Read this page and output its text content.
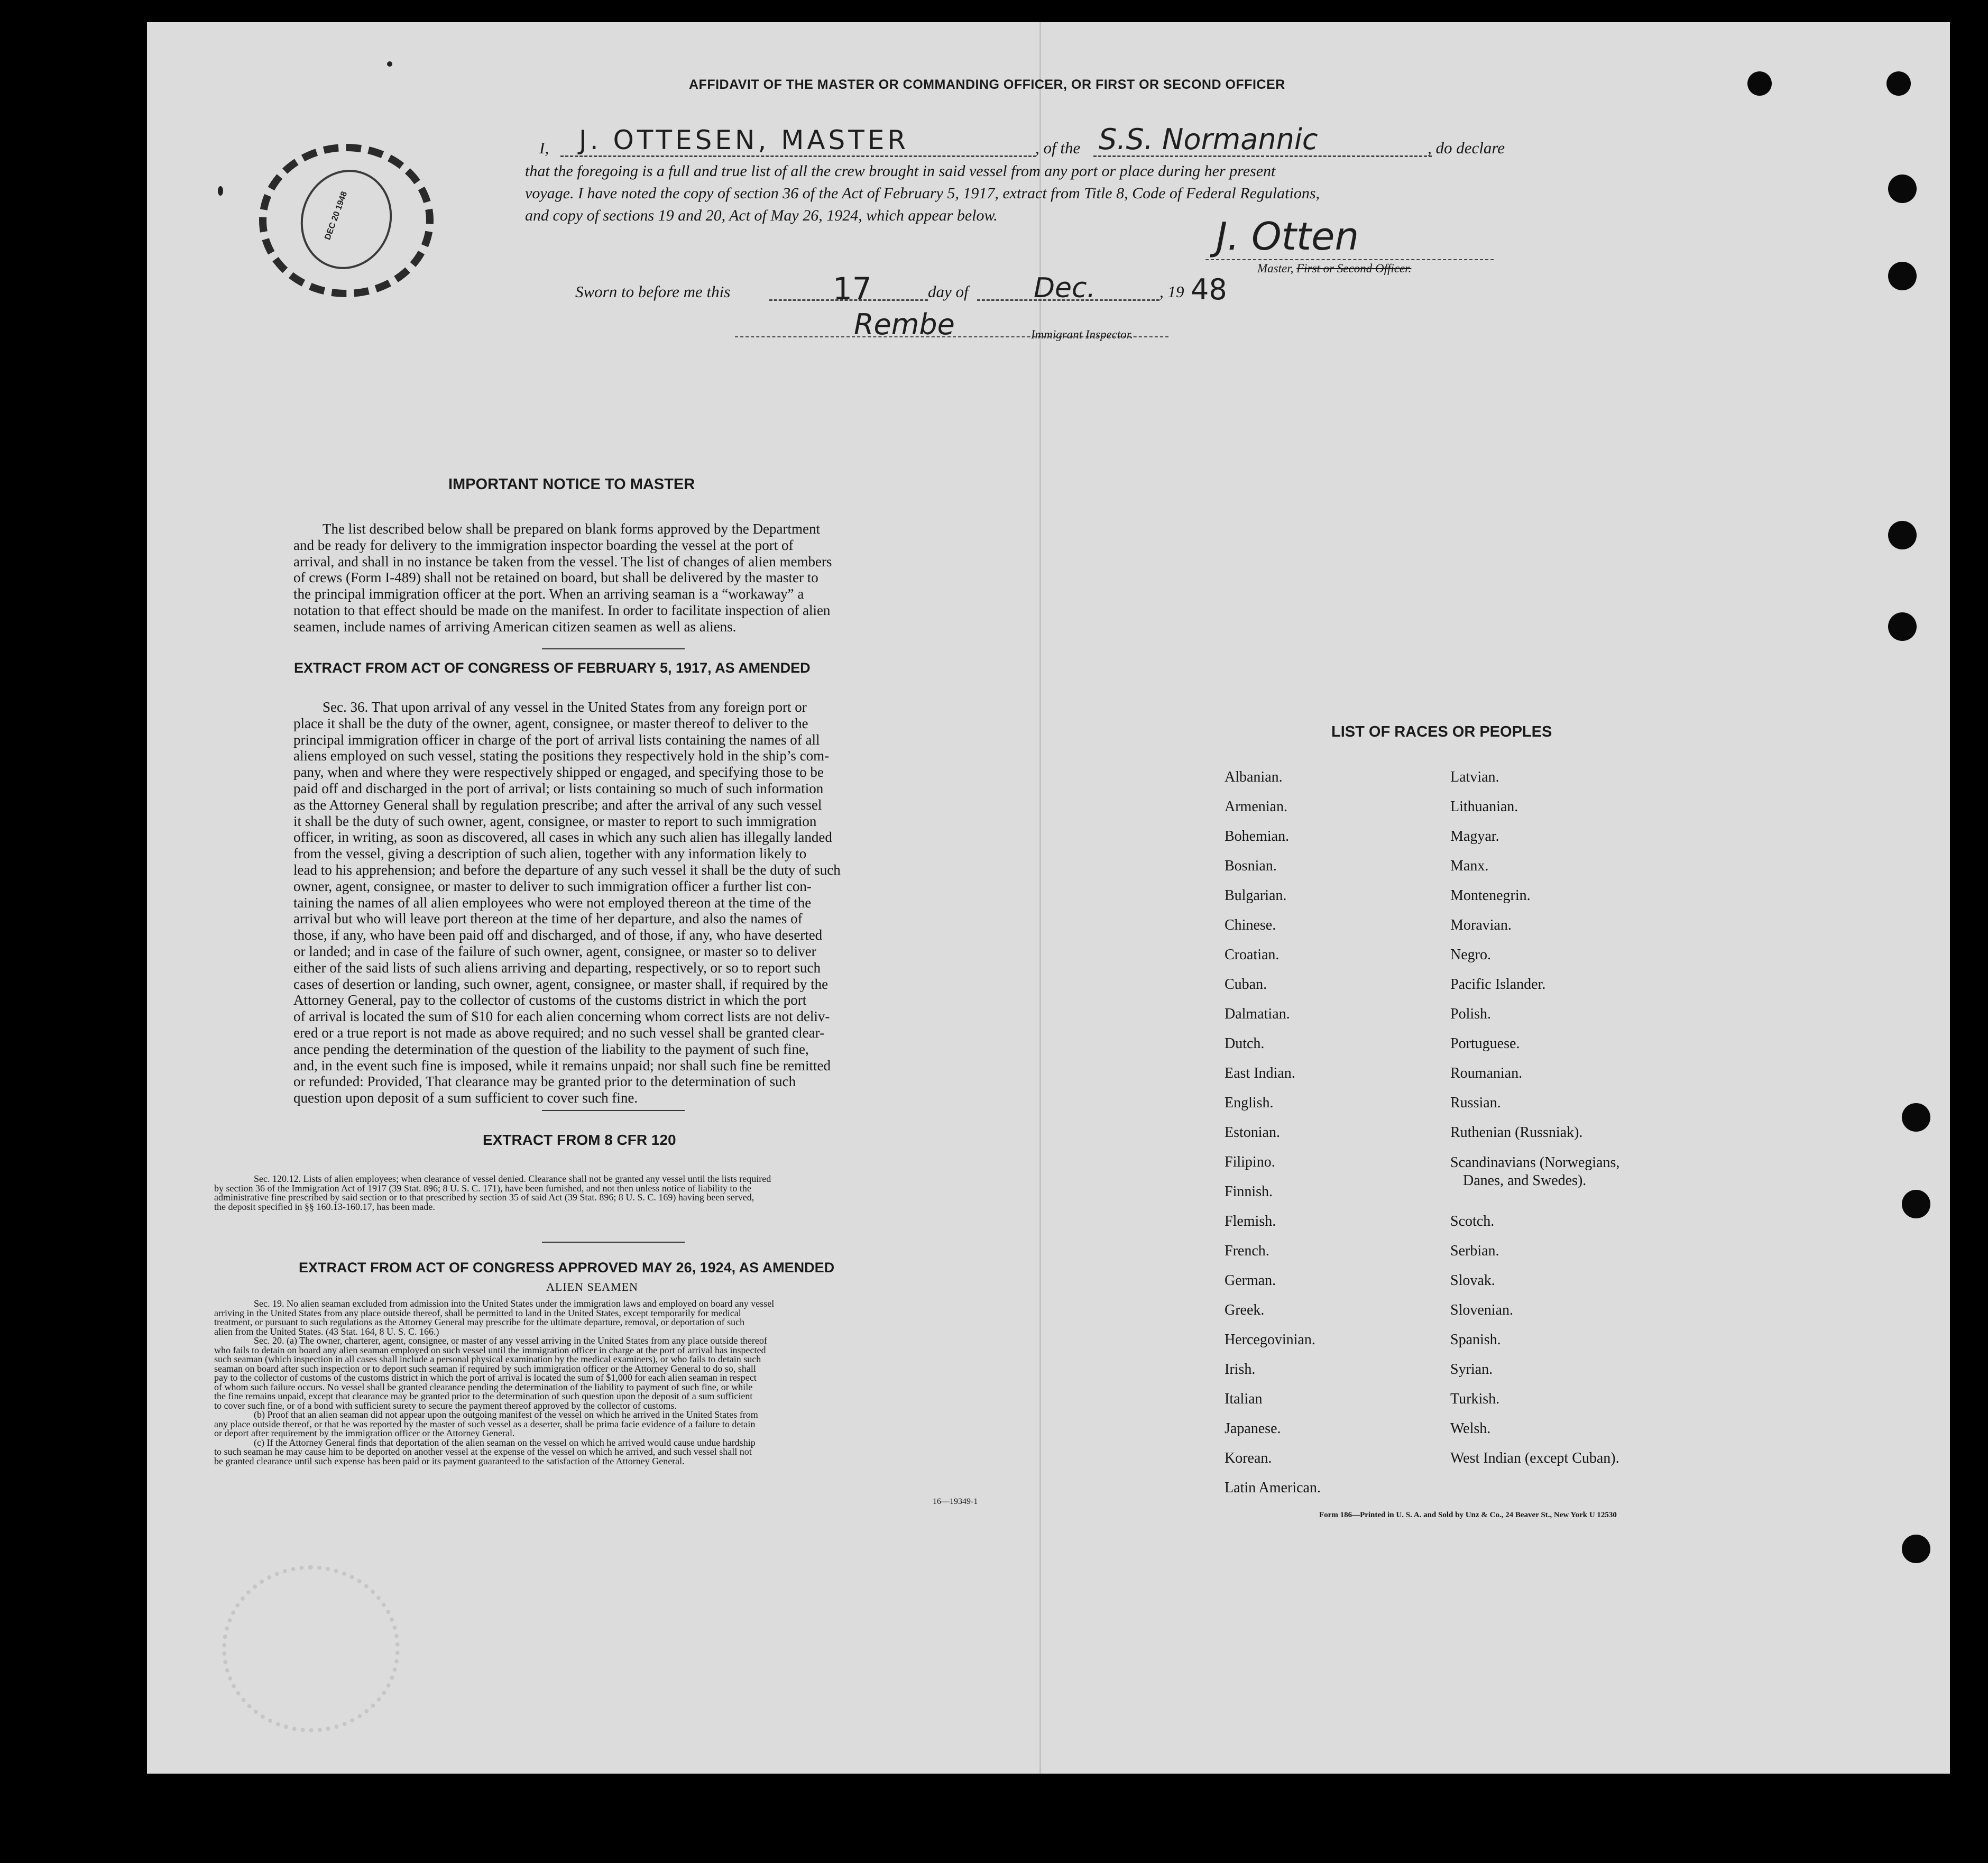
DEC 20 1948
AFFIDAVIT OF THE MASTER OR COMMANDING OFFICER, OR FIRST OR SECOND OFFICER
I, J. OTTESEN, MASTER	, of the S.S. Normannic	, do declare
that the foregoing is a full and true list of all the crew brought in said vessel from any port or place during her present
voyage. I have noted the copy of section 36 of the Act of February 5, 1917, extract from Title 8, Code of Federal Regulations,
and copy of sections 19 and 20, Act of May 26, 1924, which appear below.	J. Otten
Master, First or Second Officer.
Sworn to before me this	17	day of Dec.	, 19 48
Rembe	Immigrant Inspector.
IMPORTANT NOTICE TO MASTER
The list described below shall be prepared on blank forms approved by the Department
and be ready for delivery to the immigration inspector boarding the vessel at the port of
arrival, and shall in no instance be taken from the vessel. The list of changes of alien members
of crews (Form I-489) shall not be retained on board, but shall be delivered by the master to
the principal immigration officer at the port. When an arriving seaman is a “workaway” a
notation to that effect should be made on the manifest. In order to facilitate inspection of alien
seamen, include names of arriving American citizen seamen as well as aliens.
EXTRACT FROM ACT OF CONGRESS OF FEBRUARY 5, 1917, AS AMENDED
Sec. 36. That upon arrival of any vessel in the United States from any foreign port or
place it shall be the duty of the owner, agent, consignee, or master thereof to deliver to the
principal immigration officer in charge of the port of arrival lists containing the names of all
aliens employed on such vessel, stating the positions they respectively hold in the ship’s com-
pany, when and where they were respectively shipped or engaged, and specifying those to be
paid off and discharged in the port of arrival; or lists containing so much of such information
as the Attorney General shall by regulation prescribe; and after the arrival of any such vessel
it shall be the duty of such owner, agent, consignee, or master to report to such immigration
officer, in writing, as soon as discovered, all cases in which any such alien has illegally landed
from the vessel, giving a description of such alien, together with any information likely to
lead to his apprehension; and before the departure of any such vessel it shall be the duty of such
owner, agent, consignee, or master to deliver to such immigration officer a further list con-
taining the names of all alien employees who were not employed thereon at the time of the
arrival but who will leave port thereon at the time of her departure, and also the names of
those, if any, who have been paid off and discharged, and of those, if any, who have deserted
or landed; and in case of the failure of such owner, agent, consignee, or master so to deliver
either of the said lists of such aliens arriving and departing, respectively, or so to report such
cases of desertion or landing, such owner, agent, consignee, or master shall, if required by the
Attorney General, pay to the collector of customs of the customs district in which the port
of arrival is located the sum of $10 for each alien concerning whom correct lists are not deliv-
ered or a true report is not made as above required; and no such vessel shall be granted clear-
ance pending the determination of the question of the liability to the payment of such fine,
and, in the event such fine is imposed, while it remains unpaid; nor shall such fine be remitted
or refunded: Provided, That clearance may be granted prior to the determination of such
question upon deposit of a sum sufficient to cover such fine.
EXTRACT FROM 8 CFR 120
Sec. 120.12. Lists of alien employees; when clearance of vessel denied. Clearance shall not be granted any vessel until the lists required
by section 36 of the Immigration Act of 1917 (39 Stat. 896; 8 U. S. C. 171), have been furnished, and not then unless notice of liability to the
administrative fine prescribed by said section or to that prescribed by section 35 of said Act (39 Stat. 896; 8 U. S. C. 169) having been served,
the deposit specified in §§ 160.13-160.17, has been made.
EXTRACT FROM ACT OF CONGRESS APPROVED MAY 26, 1924, AS AMENDED
ALIEN SEAMEN
Sec. 19. No alien seaman excluded from admission into the United States under the immigration laws and employed on board any vessel
arriving in the United States from any place outside thereof, shall be permitted to land in the United States, except temporarily for medical
treatment, or pursuant to such regulations as the Attorney General may prescribe for the ultimate departure, removal, or deportation of such
alien from the United States. (43 Stat. 164, 8 U. S. C. 166.)
Sec. 20. (a) The owner, charterer, agent, consignee, or master of any vessel arriving in the United States from any place outside thereof
who fails to detain on board any alien seaman employed on such vessel until the immigration officer in charge at the port of arrival has inspected
such seaman (which inspection in all cases shall include a personal physical examination by the medical examiners), or who fails to detain such
seaman on board after such inspection or to deport such seaman if required by such immigration officer or the Attorney General to do so, shall
pay to the collector of customs of the customs district in which the port of arrival is located the sum of $1,000 for each alien seaman in respect
of whom such failure occurs. No vessel shall be granted clearance pending the determination of the liability to payment of such fine, or while
the fine remains unpaid, except that clearance may be granted prior to the determination of such question upon the deposit of a sum sufficient
to cover such fine, or of a bond with sufficient surety to secure the payment thereof approved by the collector of customs.
(b) Proof that an alien seaman did not appear upon the outgoing manifest of the vessel on which he arrived in the United States from
any place outside thereof, or that he was reported by the master of such vessel as a deserter, shall be prima facie evidence of a failure to detain
or deport after requirement by the immigration officer or the Attorney General.
(c) If the Attorney General finds that deportation of the alien seaman on the vessel on which he arrived would cause undue hardship
to such seaman he may cause him to be deported on another vessel at the expense of the vessel on which he arrived, and such vessel shall not
be granted clearance until such expense has been paid or its payment guaranteed to the satisfaction of the Attorney General.
16—19349-1
LIST OF RACES OR PEOPLES
Albanian.
Armenian.
Bohemian.
Bosnian.
Bulgarian.
Chinese.
Croatian.
Cuban.
Dalmatian.
Dutch.
East Indian.
English.
Estonian.
Filipino.
Finnish.
Flemish.
French.
German.
Greek.
Hercegovinian.
Irish.
Italian
Japanese.
Korean.
Latin American.
Latvian.
Lithuanian.
Magyar.
Manx.
Montenegrin.
Moravian.
Negro.
Pacific Islander.
Polish.
Portuguese.
Roumanian.
Russian.
Ruthenian (Russniak).
Scandinavians (Norwegians,
Danes, and Swedes).
Scotch.
Serbian.
Slovak.
Slovenian.
Spanish.
Syrian.
Turkish.
Welsh.
West Indian (except Cuban).
Form 186—Printed in U. S. A. and Sold by Unz & Co., 24 Beaver St., New York U 12530
